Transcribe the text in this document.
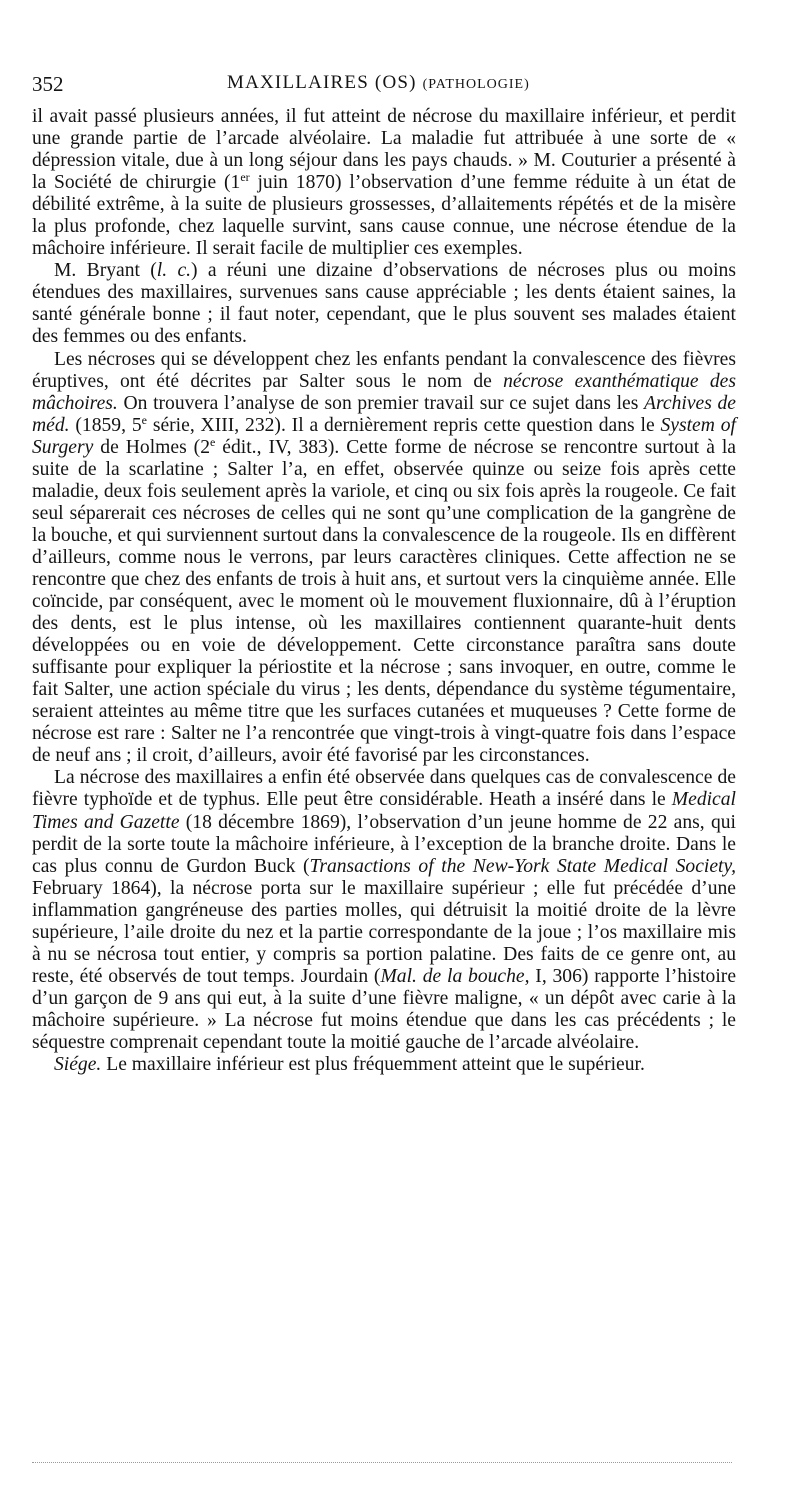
352	MAXILLAIRES (OS) (PATHOLOGIE)

il avait passé plusieurs années, il fut atteint de nécrose du maxillaire inférieur, et perdit une grande partie de l’arcade alvéolaire. La maladie fut attribuée à une sorte de « dépression vitale, due à un long séjour dans les pays chauds. » M. Couturier a présenté à la Société de chirurgie (1er juin 1870) l’observation d’une femme réduite à un état de débilité extrême, à la suite de plusieurs grossesses, d’allaitements répétés et de la misère la plus profonde, chez laquelle survint, sans cause connue, une nécrose étendue de la mâchoire inférieure. Il serait facile de multiplier ces exemples.

M. Bryant (l. c.) a réuni une dizaine d’observations de nécroses plus ou moins étendues des maxillaires, survenues sans cause appréciable ; les dents étaient saines, la santé générale bonne ; il faut noter, cependant, que le plus souvent ses malades étaient des femmes ou des enfants.

Les nécroses qui se développent chez les enfants pendant la convalescence des fièvres éruptives, ont été décrites par Salter sous le nom de nécrose exanthématique des mâchoires. On trouvera l’analyse de son premier travail sur ce sujet dans les Archives de méd. (1859, 5e série, XIII, 232). Il a dernièrement repris cette question dans le System of Surgery de Holmes (2e édit., IV, 383). Cette forme de nécrose se rencontre surtout à la suite de la scarlatine ; Salter l’a, en effet, observée quinze ou seize fois après cette maladie, deux fois seulement après la variole, et cinq ou six fois après la rougeole. Ce fait seul séparerait ces nécroses de celles qui ne sont qu’une complication de la gangrène de la bouche, et qui surviennent surtout dans la convalescence de la rougeole. Ils en diffèrent d’ailleurs, comme nous le verrons, par leurs caractères cliniques. Cette affection ne se rencontre que chez des enfants de trois à huit ans, et surtout vers la cinquième année. Elle coïncide, par conséquent, avec le moment où le mouvement fluxionnaire, dû à l’éruption des dents, est le plus intense, où les maxillaires contiennent quarante-huit dents développées ou en voie de développement. Cette circonstance paraîtra sans doute suffisante pour expliquer la périostite et la nécrose ; sans invoquer, en outre, comme le fait Salter, une action spéciale du virus ; les dents, dépendance du système tégumentaire, seraient atteintes au même titre que les surfaces cutanées et muqueuses ? Cette forme de nécrose est rare : Salter ne l’a rencontrée que vingt-trois à vingt-quatre fois dans l’espace de neuf ans ; il croit, d’ailleurs, avoir été favorisé par les circonstances.

La nécrose des maxillaires a enfin été observée dans quelques cas de convalescence de fièvre typhoïde et de typhus. Elle peut être considérable. Heath a inséré dans le Medical Times and Gazette (18 décembre 1869), l’observation d’un jeune homme de 22 ans, qui perdit de la sorte toute la mâchoire inférieure, à l’exception de la branche droite. Dans le cas plus connu de Gurdon Buck (Transactions of the New-York State Medical Society, February 1864), la nécrose porta sur le maxillaire supérieur ; elle fut précédée d’une inflammation gangréneuse des parties molles, qui détruisit la moitié droite de la lèvre supérieure, l’aile droite du nez et la partie correspondante de la joue ; l’os maxillaire mis à nu se nécrosa tout entier, y compris sa portion palatine. Des faits de ce genre ont, au reste, été observés de tout temps. Jourdain (Mal. de la bouche, I, 306) rapporte l’histoire d’un garçon de 9 ans qui eut, à la suite d’une fièvre maligne, « un dépôt avec carie à la mâchoire supérieure. » La nécrose fut moins étendue que dans les cas précédents ; le séquestre comprenait cependant toute la moitié gauche de l’arcade alvéolaire.

Siége. Le maxillaire inférieur est plus fréquemment atteint que le supérieur.
